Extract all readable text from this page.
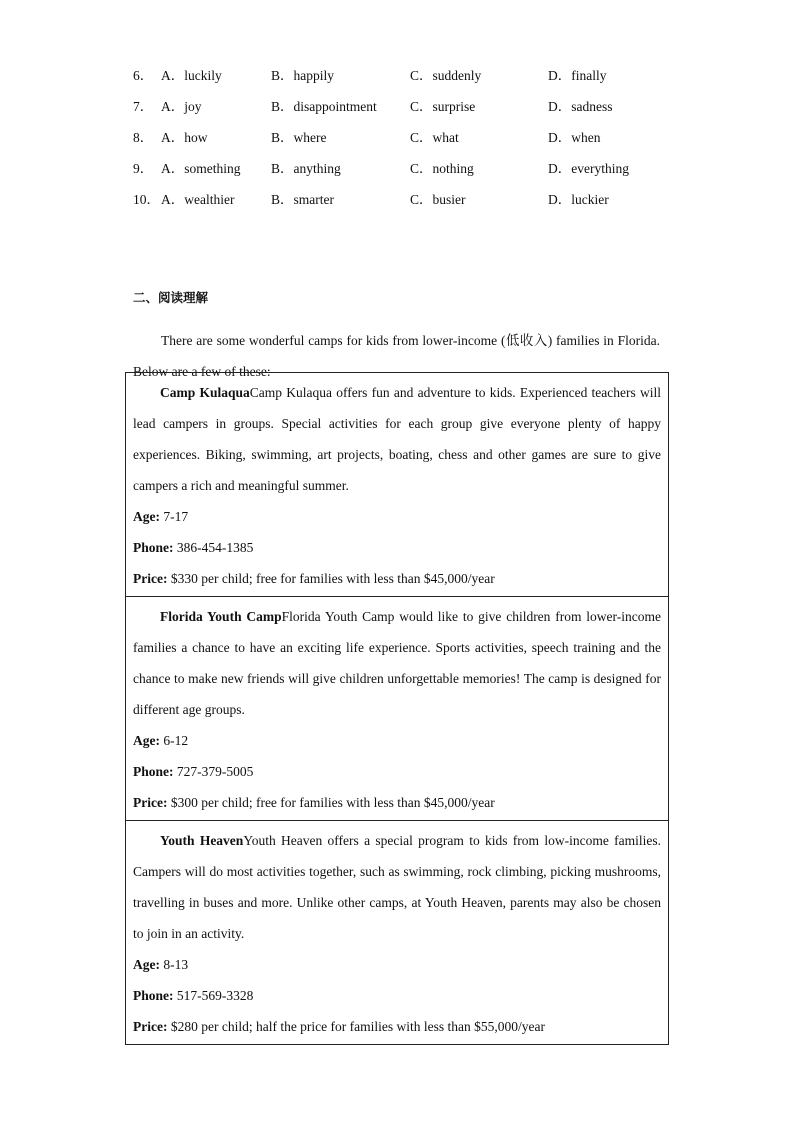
6． A．luckily	B．happily	C．suddenly	D．finally
7． A．joy	B．disappointment C．surprise	D．sadness
8． A．how	B．where	C．what	D．when
9． A．something B．anything	C．nothing	D．everything
10． A．wealthier	B．smarter	C．busier	D．luckier
二、阅读理解

There are some wonderful camps for kids from lower-income (低收入) families in Florida. Below are a few of these:

Camp KulaquaCamp Kulaqua offers fun and adventure to kids. Experienced teachers will lead campers in groups. Special activities for each group give everyone plenty of happy experiences. Biking, swimming, art projects, boating, chess and other games are sure to give campers a rich and meaningful summer.

Age: 7-17

Phone: 386-454-1385

Price: $330 per child; free for families with less than $45,000/year

Florida Youth CampFlorida Youth Camp would like to give children from lower-income families a chance to have an exciting life experience. Sports activities, speech training and the chance to make new friends will give children unforgettable memories! The camp is designed for different age groups.

Age: 6-12

Phone: 727-379-5005

Price: $300 per child; free for families with less than $45,000/year

Youth HeavenYouth Heaven offers a special program to kids from low-income families. Campers will do most activities together, such as swimming, rock climbing, picking mushrooms, travelling in buses and more. Unlike other camps, at Youth Heaven, parents may also be chosen to join in an activity.

Age: 8-13

Phone: 517-569-3328

Price: $280 per child; half the price for families with less than $55,000/year
